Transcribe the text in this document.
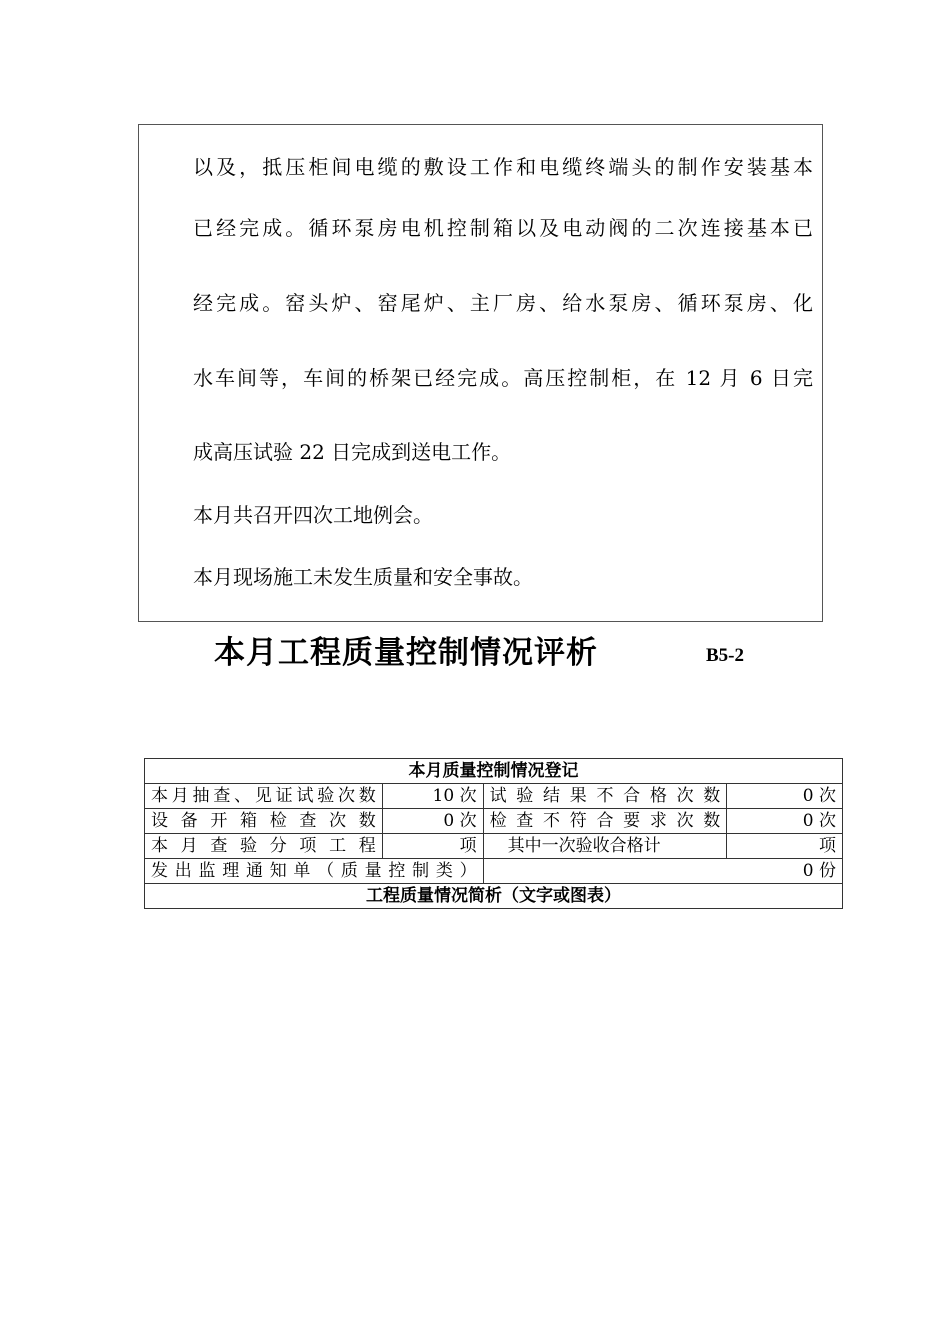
以及，抵压柜间电缆的敷设工作和电缆终端头的制作安装基本
已经完成。循环泵房电机控制箱以及电动阀的二次连接基本已
经完成。窑头炉、窑尾炉、主厂房、给水泵房、循环泵房、化
水车间等，车间的桥架已经完成。高压控制柜，在 12 月 6 日完
成高压试验 22 日完成到送电工作。
本月共召开四次工地例会。
本月现场施工未发生质量和安全事故。
本月工程质量控制情况评析	B5-2
本月质量控制情况登记			
本月抽查、见证试验次数	10 次	试验结果不合格次数	0 次
设备开箱检查次数	0 次	检查不符合要求次数	0 次
本月查验分项工程	项	其中一次验收合格计	项
发出监理通知单（质量控制类）		0 份	
工程质量情况简析（文字或图表）			
